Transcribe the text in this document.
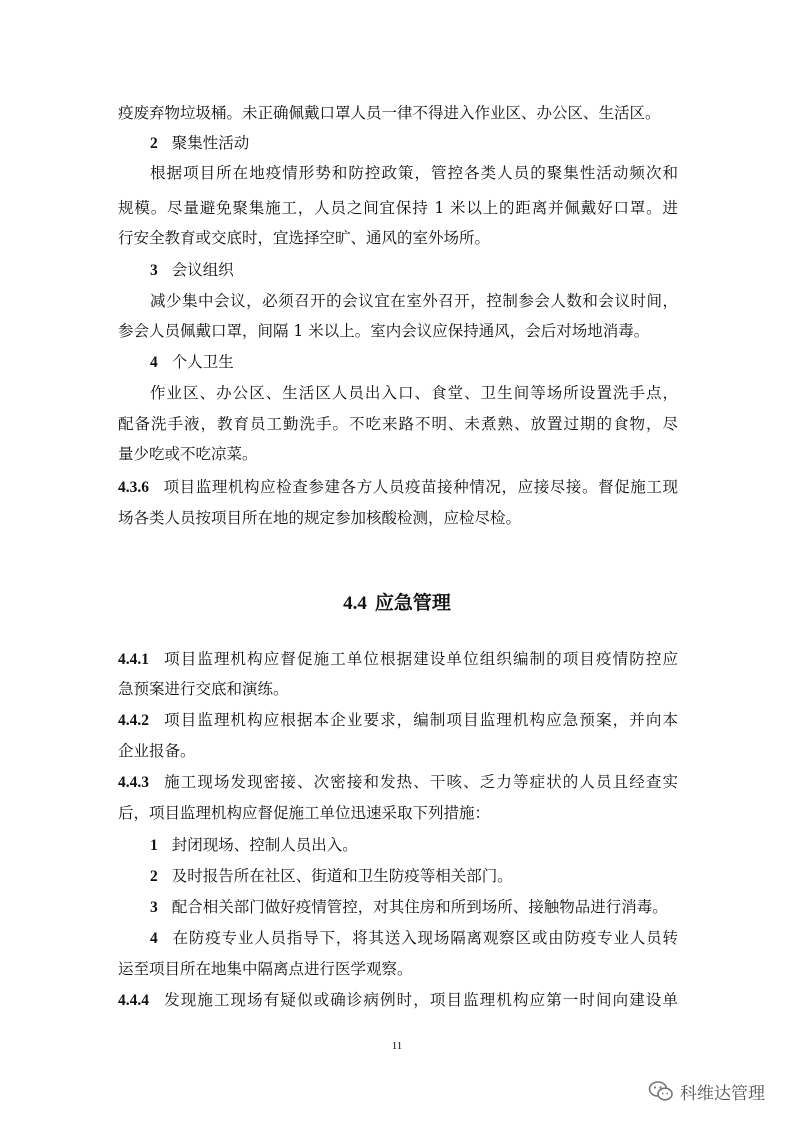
疫废弃物垃圾桶。未正确佩戴口罩人员一律不得进入作业区、办公区、生活区。
2 聚集性活动
根据项目所在地疫情形势和防控政策，管控各类人员的聚集性活动频次和
规模。尽量避免聚集施工，人员之间宜保持 1 米以上的距离并佩戴好口罩。进
行安全教育或交底时，宜选择空旷、通风的室外场所。
3 会议组织
减少集中会议，必须召开的会议宜在室外召开，控制参会人数和会议时间，
参会人员佩戴口罩，间隔 1 米以上。室内会议应保持通风，会后对场地消毒。
4 个人卫生
作业区、办公区、生活区人员出入口、食堂、卫生间等场所设置洗手点，
配备洗手液，教育员工勤洗手。不吃来路不明、未煮熟、放置过期的食物，尽
量少吃或不吃凉菜。
4.3.6 项目监理机构应检查参建各方人员疫苗接种情况，应接尽接。督促施工现
场各类人员按项目所在地的规定参加核酸检测，应检尽检。
4.4 应急管理
4.4.1 项目监理机构应督促施工单位根据建设单位组织编制的项目疫情防控应
急预案进行交底和演练。
4.4.2 项目监理机构应根据本企业要求，编制项目监理机构应急预案，并向本
企业报备。
4.4.3 施工现场发现密接、次密接和发热、干咳、乏力等症状的人员且经查实
后，项目监理机构应督促施工单位迅速采取下列措施：
1 封闭现场、控制人员出入。
2 及时报告所在社区、街道和卫生防疫等相关部门。
3 配合相关部门做好疫情管控，对其住房和所到场所、接触物品进行消毒。
4 在防疫专业人员指导下，将其送入现场隔离观察区或由防疫专业人员转
运至项目所在地集中隔离点进行医学观察。
4.4.4 发现施工现场有疑似或确诊病例时，项目监理机构应第一时间向建设单
11
科维达管理
